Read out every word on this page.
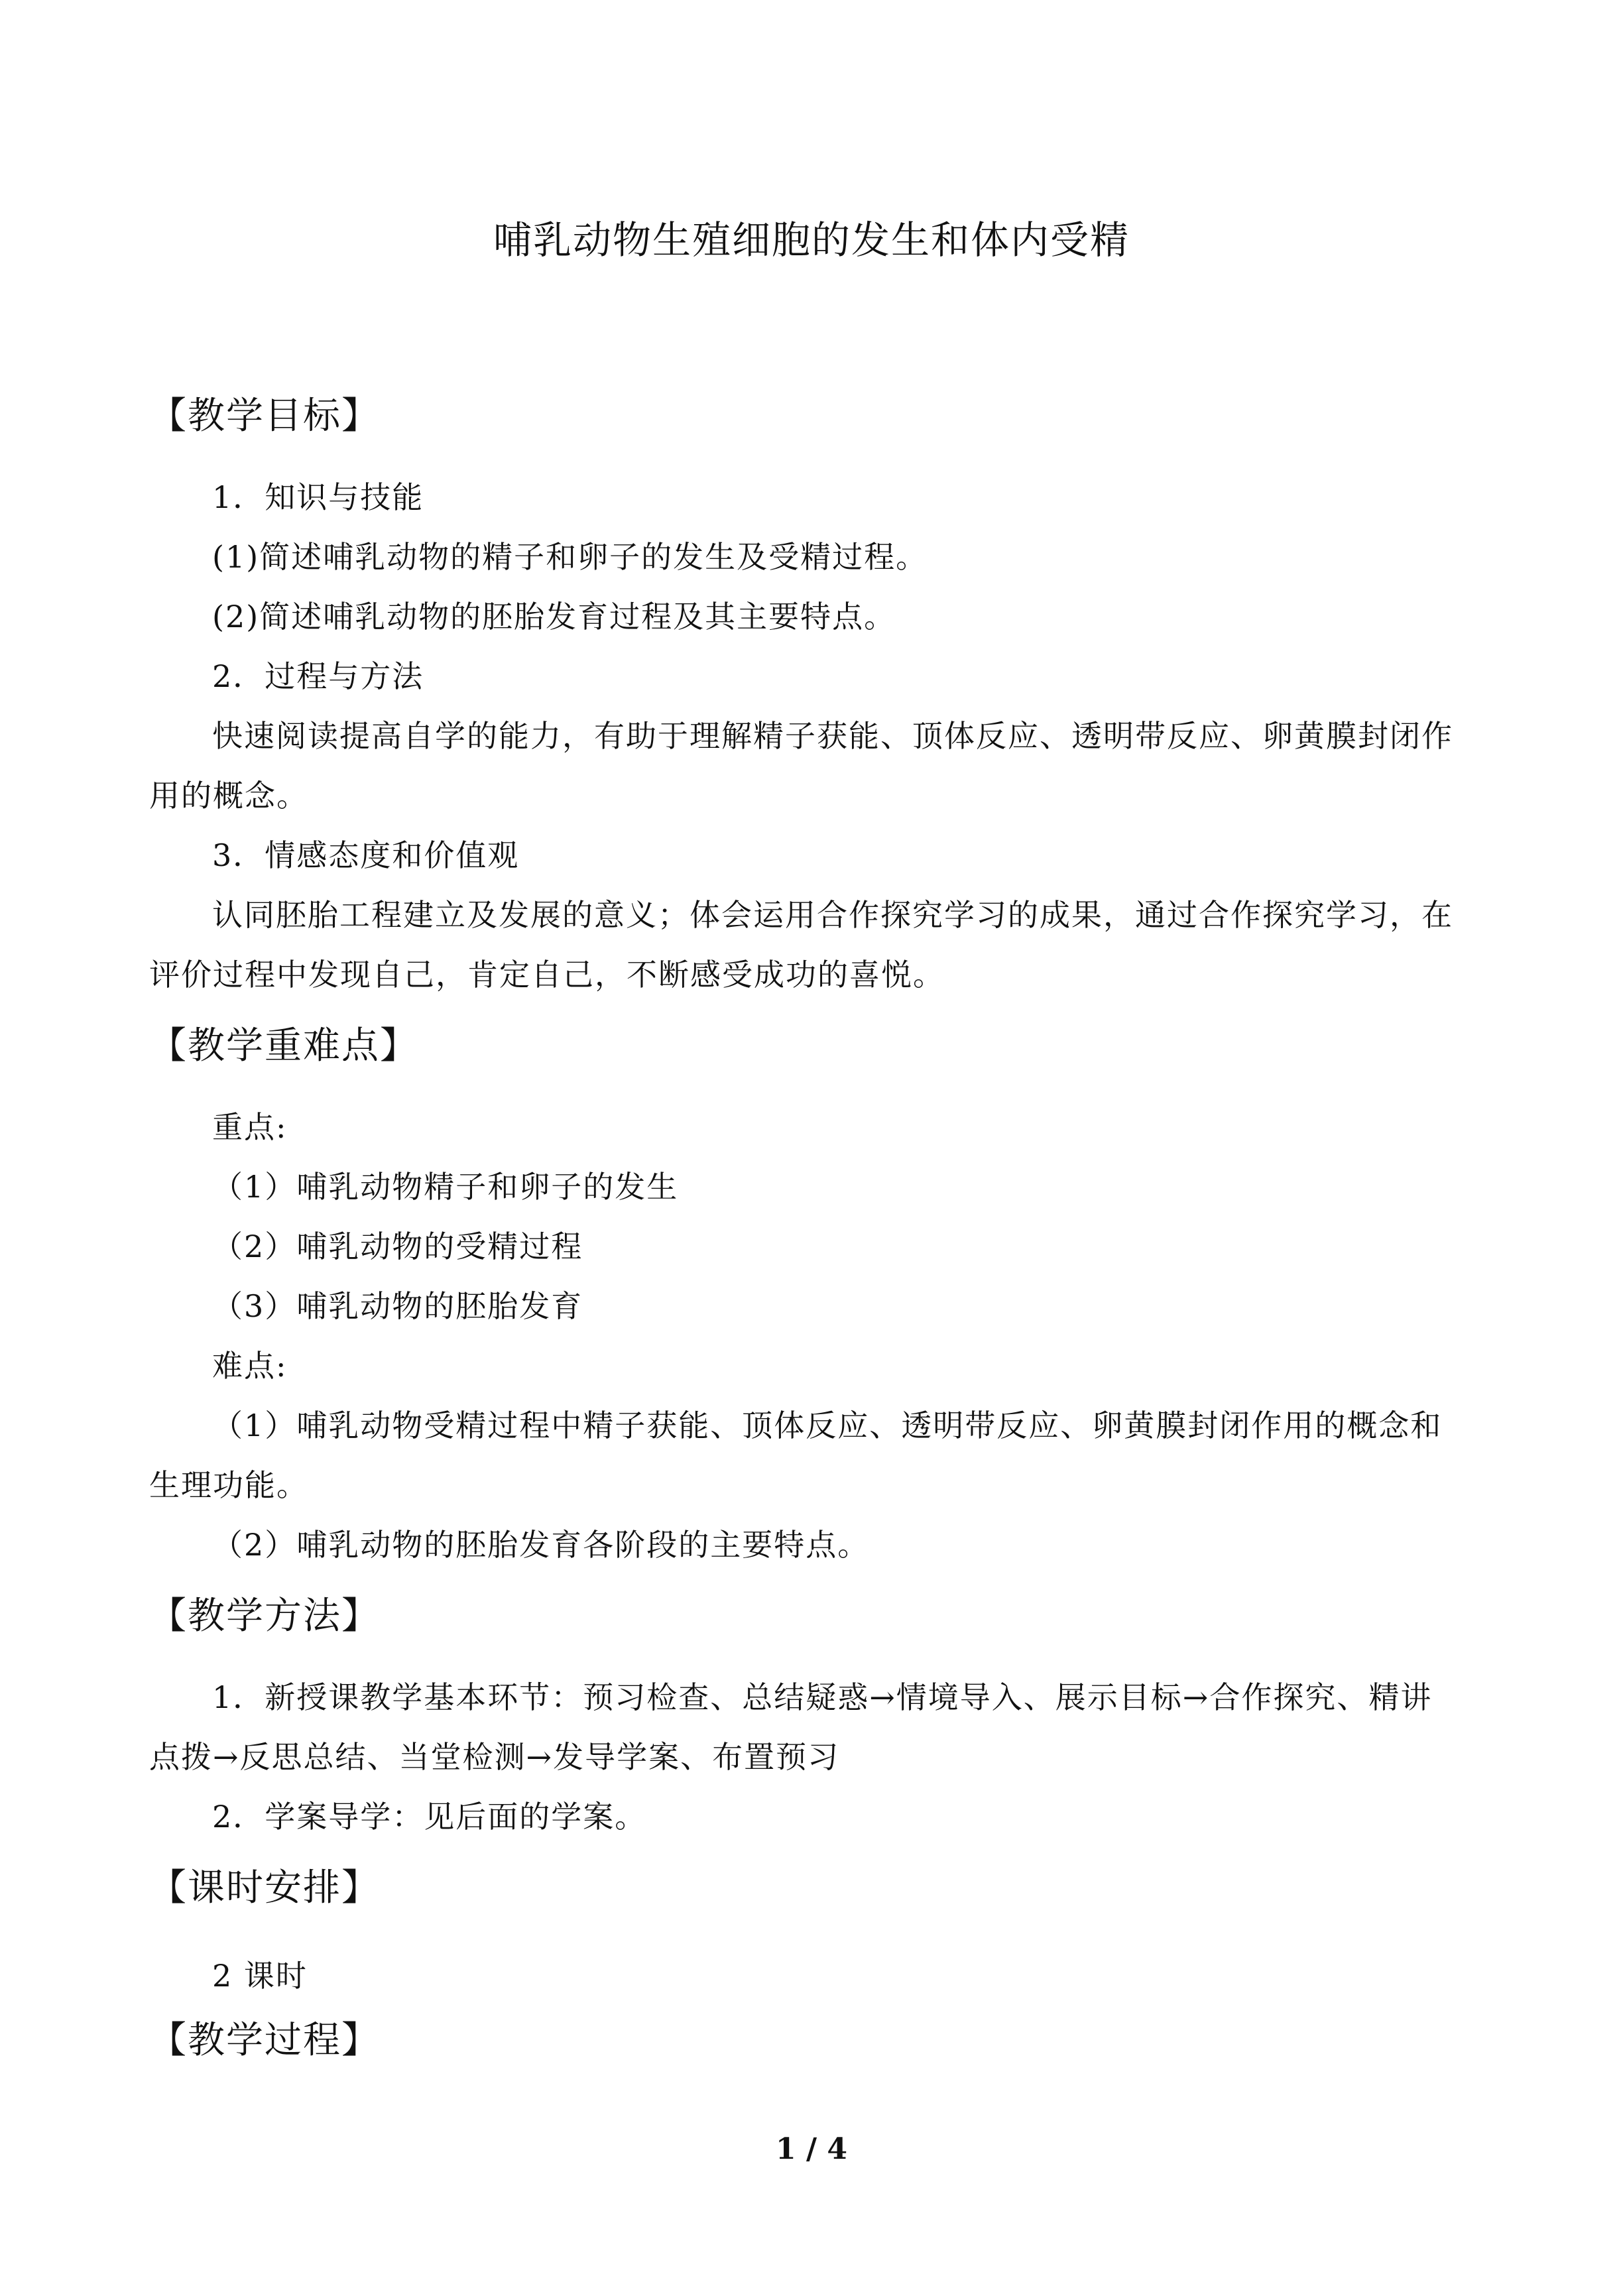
哺乳动物生殖细胞的发生和体内受精
【教学目标】
1．知识与技能
(1)简述哺乳动物的精子和卵子的发生及受精过程。
(2)简述哺乳动物的胚胎发育过程及其主要特点。
2．过程与方法
快速阅读提高自学的能力，有助于理解精子获能、顶体反应、透明带反应、卵黄膜封闭作
用的概念。
3．情感态度和价值观
认同胚胎工程建立及发展的意义；体会运用合作探究学习的成果，通过合作探究学习，在
评价过程中发现自己，肯定自己，不断感受成功的喜悦。
【教学重难点】
重点:
（1）哺乳动物精子和卵子的发生
（2）哺乳动物的受精过程
（3）哺乳动物的胚胎发育
难点:
（1）哺乳动物受精过程中精子获能、顶体反应、透明带反应、卵黄膜封闭作用的概念和
生理功能。
（2）哺乳动物的胚胎发育各阶段的主要特点。
【教学方法】
1．新授课教学基本环节：预习检查、总结疑惑→情境导入、展示目标→合作探究、精讲
点拨→反思总结、当堂检测→发导学案、布置预习
2．学案导学：见后面的学案。
【课时安排】
2 课时
【教学过程】
1 / 4
